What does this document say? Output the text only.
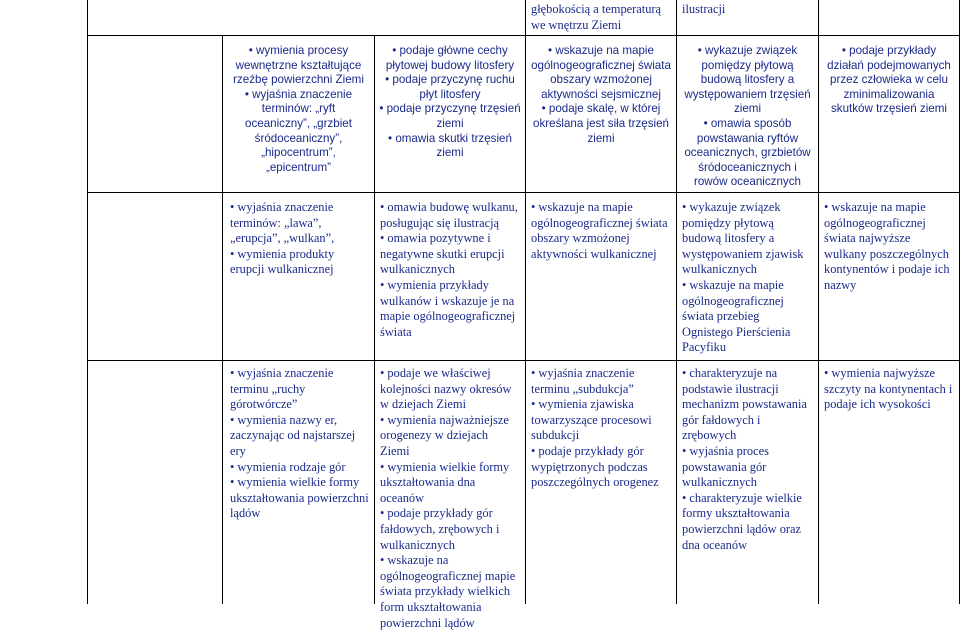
głębokością a temperaturą
we wnętrzu Ziemi
ilustracji
• wymienia procesy
wewnętrzne kształtujące
rzeźbę powierzchni Ziemi
• wyjaśnia znaczenie
terminów: „ryft
oceaniczny”, „grzbiet
śródoceaniczny”,
„hipocentrum”,
„epicentrum”
• podaje główne cechy
płytowej budowy litosfery
• podaje przyczynę ruchu
płyt litosfery
• podaje przyczynę trzęsień
ziemi
• omawia skutki trzęsień
ziemi
• wskazuje na mapie
ogólnogeograficznej świata
obszary wzmożonej
aktywności sejsmicznej
• podaje skalę, w której
określana jest siła trzęsień
ziemi
• wykazuje związek
pomiędzy płytową
budową litosfery a
występowaniem trzęsień
ziemi
• omawia sposób
powstawania ryftów
oceanicznych, grzbietów
śródoceanicznych i
rowów oceanicznych
• podaje przykłady
działań podejmowanych
przez człowieka w celu
zminimalizowania
skutków trzęsień ziemi
• wyjaśnia znaczenie
terminów: „lawa”,
„erupcja”, „wulkan”,
• wymienia produkty
erupcji wulkanicznej
• omawia budowę wulkanu,
posługując się ilustracją
• omawia pozytywne i
negatywne skutki erupcji
wulkanicznych
• wymienia przykłady
wulkanów i wskazuje je na
mapie ogólnogeograficznej
świata
• wskazuje na mapie
ogólnogeograficznej świata
obszary wzmożonej
aktywności wulkanicznej
• wykazuje związek
pomiędzy płytową
budową litosfery a
występowaniem zjawisk
wulkanicznych
• wskazuje na mapie
ogólnogeograficznej
świata przebieg
Ognistego Pierścienia
Pacyfiku
• wskazuje na mapie
ogólnogeograficznej
świata najwyższe
wulkany poszczególnych
kontynentów i podaje ich
nazwy
• wyjaśnia znaczenie
terminu „ruchy
górotwórcze”
• wymienia nazwy er,
zaczynając od najstarszej
ery
• wymienia rodzaje gór
• wymienia wielkie formy
ukształtowania powierzchni
lądów
• podaje we właściwej
kolejności nazwy okresów
w dziejach Ziemi
• wymienia najważniejsze
orogenezy w dziejach
Ziemi
• wymienia wielkie formy
ukształtowania dna
oceanów
• podaje przykłady gór
fałdowych, zrębowych i
wulkanicznych
• wskazuje na
ogólnogeograficznej mapie
świata przykłady wielkich
form ukształtowania
powierzchni lądów
• wyjaśnia znaczenie
terminu „subdukcja”
• wymienia zjawiska
towarzyszące procesowi
subdukcji
• podaje przykłady gór
wypiętrzonych podczas
poszczególnych orogenez
• charakteryzuje na
podstawie ilustracji
mechanizm powstawania
gór fałdowych i
zrębowych
• wyjaśnia proces
powstawania gór
wulkanicznych
• charakteryzuje wielkie
formy ukształtowania
powierzchni lądów oraz
dna oceanów
• wymienia najwyższe
szczyty na kontynentach i
podaje ich wysokości
